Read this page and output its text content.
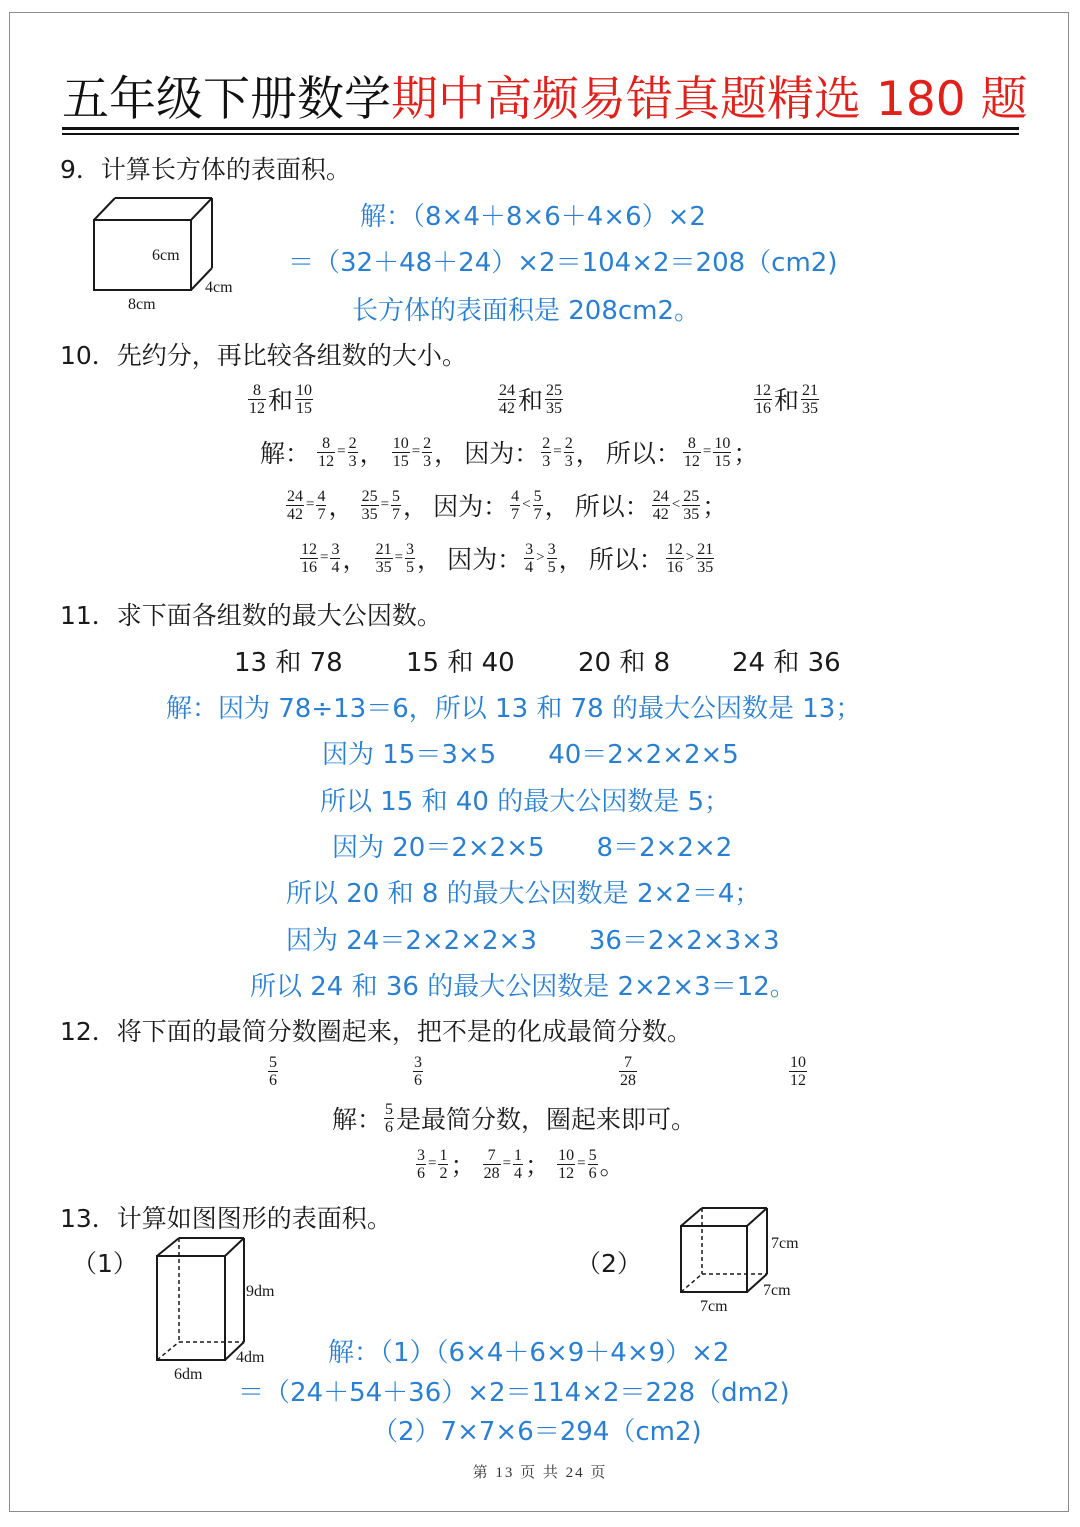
五年级下册数学期中高频易错真题精选 180 题
9．计算长方体的表面积。
6cm
4cm
8cm
解：（8×4＋8×6＋4×6）×2
＝（32＋48＋24）×2＝104×2＝208（cm2)
长方体的表面积是 208cm2。
10．先约分，再比较各组数的大小。
$\frac{8}{12}$ 和 $\frac{10}{15}$	$\frac{24}{42}$ 和 $\frac{25}{35}$	$\frac{12}{16}$ 和 $\frac{21}{35}$
解： $\frac{8}{12} = \frac{2}{3}$ ， $\frac{10}{15} = \frac{2}{3}$ ， 因为： $\frac{2}{3} = \frac{2}{3}$ ， 所以： $\frac{8}{12} = \frac{10}{15}$ ；
$\frac{24}{42} = \frac{4}{7}$ ， $\frac{25}{35} = \frac{5}{7}$ ， 因为： $\frac{4}{7} < \frac{5}{7}$ ， 所以： $\frac{24}{42} < \frac{25}{35}$ ；
$\frac{12}{16} = \frac{3}{4}$ ， $\frac{21}{35} = \frac{3}{5}$ ， 因为： $\frac{3}{4} > \frac{3}{5}$ ， 所以： $\frac{12}{16} > \frac{21}{35}$
11．求下面各组数的最大公因数。
13 和 78 15 和 40 20 和 8 24 和 36
解：因为 78÷13＝6，所以 13 和 78 的最大公因数是 13；
因为 15＝3×5　　40＝2×2×2×5
所以 15 和 40 的最大公因数是 5；
因为 20＝2×2×5　　8＝2×2×2
所以 20 和 8 的最大公因数是 2×2＝4；
因为 24＝2×2×2×3　　36＝2×2×3×3
所以 24 和 36 的最大公因数是 2×2×3＝12。
12．将下面的最简分数圈起来，把不是的化成最简分数。
$\frac{5}{6}$	$\frac{3}{6}$	$\frac{7}{28}$	$\frac{10}{12}$
解： $\frac{5}{6}$ 是最简分数，圈起来即可。
$\frac{3}{6} = \frac{1}{2}$ ； $\frac{7}{28} = \frac{1}{4}$ ； $\frac{10}{12} = \frac{5}{6}$ 。
13．计算如图图形的表面积。
（1）	（2）
9dm
4dm
6dm
7cm
7cm
7cm
解：（1）（6×4＋6×9＋4×9）×2
＝（24＋54＋36）×2＝114×2＝228（dm2)
（2）7×7×6＝294（cm2)
第 13 页 共 24 页
